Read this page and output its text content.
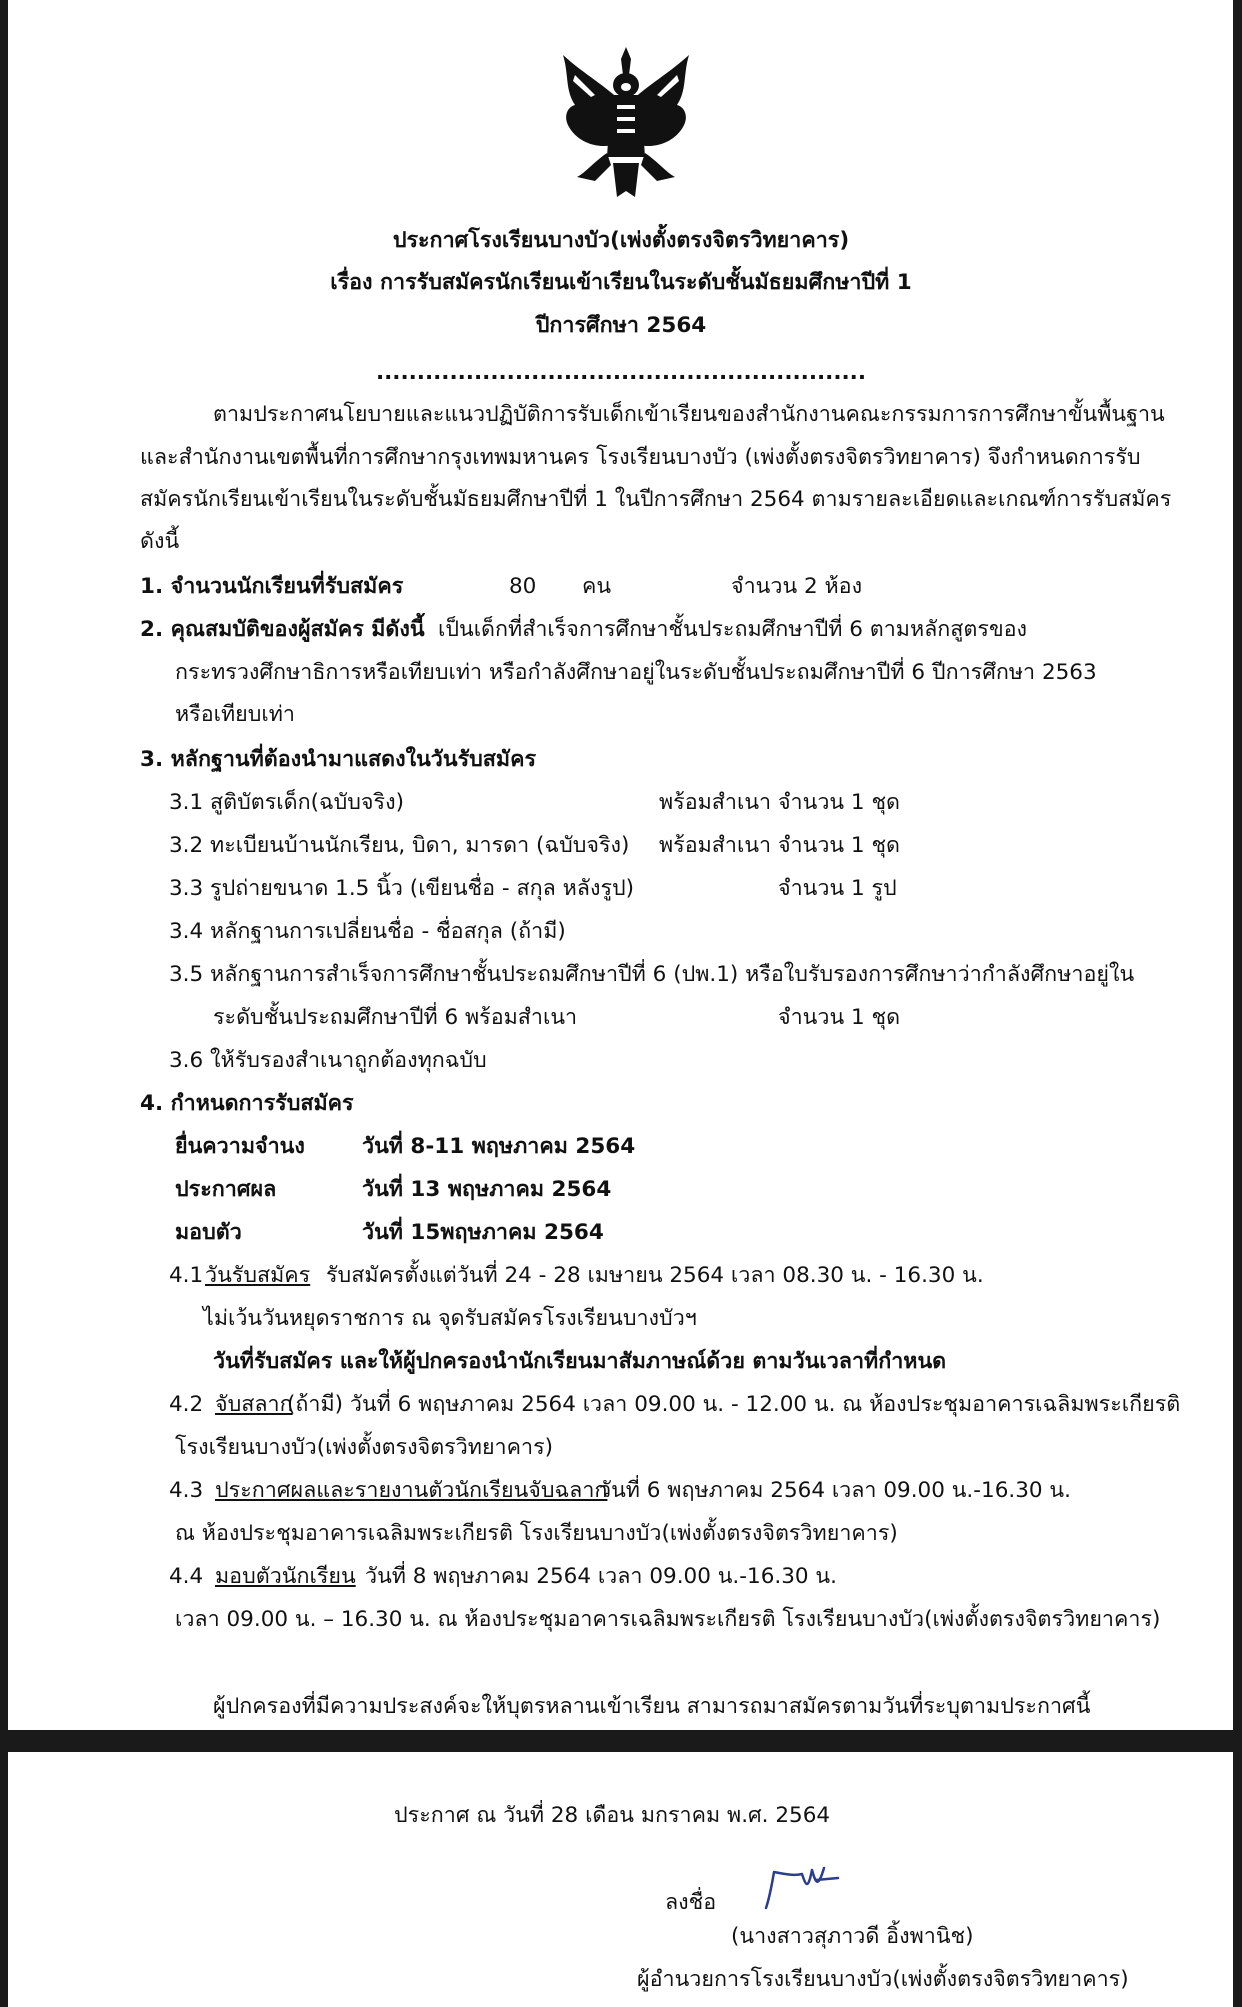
ประกาศโรงเรียนบางบัว(เพ่งตั้งตรงจิตรวิทยาคาร)
เรื่อง การรับสมัครนักเรียนเข้าเรียนในระดับชั้นมัธยมศึกษาปีที่ 1
ปีการศึกษา 2564
............................................................
ตามประกาศนโยบายและแนวปฏิบัติการรับเด็กเข้าเรียนของสำนักงานคณะกรรมการการศึกษาขั้นพื้นฐาน
และสำนักงานเขตพื้นที่การศึกษากรุงเทพมหานคร โรงเรียนบางบัว (เพ่งตั้งตรงจิตรวิทยาคาร) จึงกำหนดการรับ
สมัครนักเรียนเข้าเรียนในระดับชั้นมัธยมศึกษาปีที่ 1 ในปีการศึกษา 2564 ตามรายละเอียดและเกณฑ์การรับสมัคร
ดังนี้
1. จำนวนนักเรียนที่รับสมัคร	80 คน	จำนวน 2 ห้อง
2. คุณสมบัติของผู้สมัคร มีดังนี้ เป็นเด็กที่สำเร็จการศึกษาชั้นประถมศึกษาปีที่ 6 ตามหลักสูตรของ
กระทรวงศึกษาธิการหรือเทียบเท่า หรือกำลังศึกษาอยู่ในระดับชั้นประถมศึกษาปีที่ 6 ปีการศึกษา 2563
หรือเทียบเท่า
3. หลักฐานที่ต้องนำมาแสดงในวันรับสมัคร
3.1 สูติบัตรเด็ก(ฉบับจริง)	พร้อมสำเนา จำนวน 1 ชุด
3.2 ทะเบียนบ้านนักเรียน, บิดา, มารดา (ฉบับจริง) พร้อมสำเนา จำนวน 1 ชุด
3.3 รูปถ่ายขนาด 1.5 นิ้ว (เขียนชื่อ - สกุล หลังรูป)	จำนวน 1 รูป
3.4 หลักฐานการเปลี่ยนชื่อ - ชื่อสกุล (ถ้ามี)
3.5 หลักฐานการสำเร็จการศึกษาชั้นประถมศึกษาปีที่ 6 (ปพ.1) หรือใบรับรองการศึกษาว่ากำลังศึกษาอยู่ใน
ระดับชั้นประถมศึกษาปีที่ 6 พร้อมสำเนา	จำนวน 1 ชุด
3.6 ให้รับรองสำเนาถูกต้องทุกฉบับ
4. กำหนดการรับสมัคร
ยื่นความจำนง	วันที่ 8-11 พฤษภาคม 2564
ประกาศผล	วันที่ 13 พฤษภาคม 2564
มอบตัว	วันที่ 15พฤษภาคม 2564
4.1 วันรับสมัคร รับสมัครตั้งแต่วันที่ 24 - 28 เมษายน 2564 เวลา 08.30 น. - 16.30 น.
ไม่เว้นวันหยุดราชการ ณ จุดรับสมัครโรงเรียนบางบัวฯ
วันที่รับสมัคร และให้ผู้ปกครองนำนักเรียนมาสัมภาษณ์ด้วย ตามวันเวลาที่กำหนด
4.2 จับสลาก
(ถ้ามี) วันที่ 6 พฤษภาคม 2564 เวลา 09.00 น. - 12.00 น. ณ ห้องประชุมอาคารเฉลิมพระเกียรติ
โรงเรียนบางบัว(เพ่งตั้งตรงจิตรวิทยาคาร)
4.3 ประกาศผลและรายงานตัวนักเรียนจับฉลาก
วันที่ 6 พฤษภาคม 2564 เวลา 09.00 น.-16.30 น.
ณ ห้องประชุมอาคารเฉลิมพระเกียรติ โรงเรียนบางบัว(เพ่งตั้งตรงจิตรวิทยาคาร)
4.4 มอบตัวนักเรียน วันที่ 8 พฤษภาคม 2564 เวลา 09.00 น.-16.30 น.
เวลา 09.00 น. – 16.30 น. ณ ห้องประชุมอาคารเฉลิมพระเกียรติ โรงเรียนบางบัว(เพ่งตั้งตรงจิตรวิทยาคาร)
ผู้ปกครองที่มีความประสงค์จะให้บุตรหลานเข้าเรียน สามารถมาสมัครตามวันที่ระบุตามประกาศนี้
ประกาศ ณ วันที่ 28 เดือน มกราคม พ.ศ. 2564
ลงชื่อ
(นางสาวสุภาวดี อิ้งพานิช)
ผู้อำนวยการโรงเรียนบางบัว(เพ่งตั้งตรงจิตรวิทยาคาร)
